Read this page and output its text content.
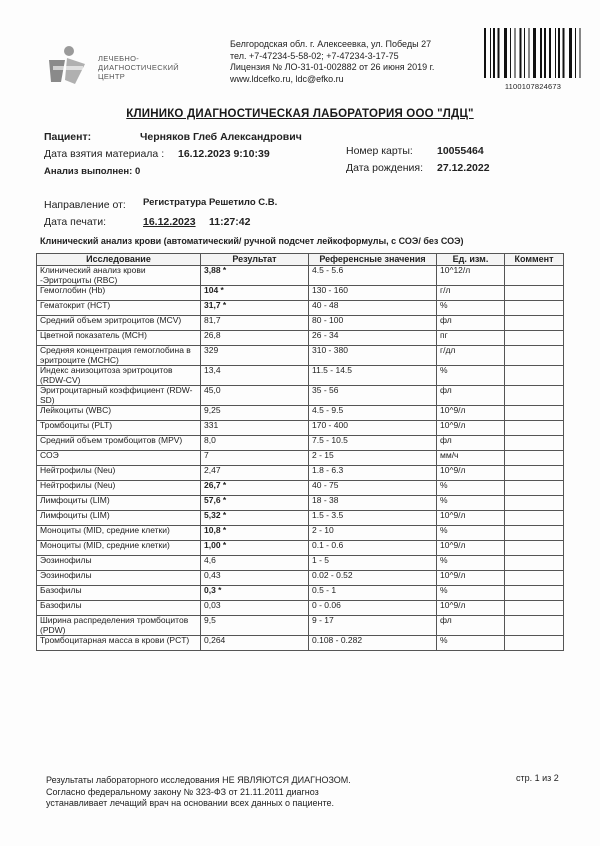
ЛЕЧЕБНО-
ДИАГНОСТИЧЕСКИЙ
ЦЕНТР
Белгородская обл. г. Алексеевка, ул. Победы 27
тел. +7-47234-5-58-02; +7-47234-3-17-75
Лицензия № ЛО-31-01-002882 от 26 июня 2019 г.
www.ldcefko.ru, ldc@efko.ru
1100107824673
КЛИНИКО ДИАГНОСТИЧЕСКАЯ ЛАБОРАТОРИЯ ООО "ЛДЦ"
Пациент:	Черняков Глеб Александрович
Дата взятия материала : 16.12.2023 9:10:39
Анализ выполнен: 0
Номер карты: 10055464
Дата рождения: 27.12.2022
Направление от: Регистратура Решетило С.В.
Дата печати:	16.12.2023 11:27:42
Клинический анализ крови (автоматический/ ручной подсчет лейкоформулы, с СОЭ/ без СОЭ)
Исследование	Результат	Референсные значения	Ед. изм.	Коммент
Клинический анализ крови -Эритроциты (RBC)	3,88 *	4.5 - 5.6	10^12/л	
Гемоглобин (Hb)	104 *	130 - 160	г/л	
Гематокрит (HCT)	31,7 *	40 - 48	%	
Средний объем эритроцитов (MCV)	81,7	80 - 100	фл	
Цветной показатель (MCH)	26,8	26 - 34	пг	
Средняя концентрация гемоглобина в эритроците (MCHC)	329	310 - 380	г/дл	
Индекс анизоцитоза эритроцитов (RDW-CV)	13,4	11.5 - 14.5	%	
Эритроцитарный коэффициент (RDW-SD)	45,0	35 - 56	фл	
Лейкоциты (WBC)	9,25	4.5 - 9.5	10^9/л	
Тромбоциты (PLT)	331	170 - 400	10^9/л	
Средний объем тромбоцитов (MPV)	8,0	7.5 - 10.5	фл	
СОЭ	7	2 - 15	мм/ч	
Нейтрофилы (Neu)	2,47	1.8 - 6.3	10^9/л	
Нейтрофилы (Neu)	26,7 *	40 - 75	%	
Лимфоциты (LIM)	57,6 *	18 - 38	%	
Лимфоциты (LIM)	5,32 *	1.5 - 3.5	10^9/л	
Моноциты (MID, средние клетки)	10,8 *	2 - 10	%	
Моноциты (MID, средние клетки)	1,00 *	0.1 - 0.6	10^9/л	
Эозинофилы	4,6	1 - 5	%	
Эозинофилы	0,43	0.02 - 0.52	10^9/л	
Базофилы	0,3 *	0.5 - 1	%	
Базофилы	0,03	0 - 0.06	10^9/л	
Ширина распределения тромбоцитов (PDW)	9,5	9 - 17	фл	
Тромбоцитарная масса в крови (PCT)	0,264	0.108 - 0.282	%	
Результаты лабораторного исследования НЕ ЯВЛЯЮТСЯ ДИАГНОЗОМ.
Согласно федеральному закону № 323-ФЗ от 21.11.2011 диагноз
устанавливает лечащий врач на основании всех данных о пациенте.
стр. 1 из 2
